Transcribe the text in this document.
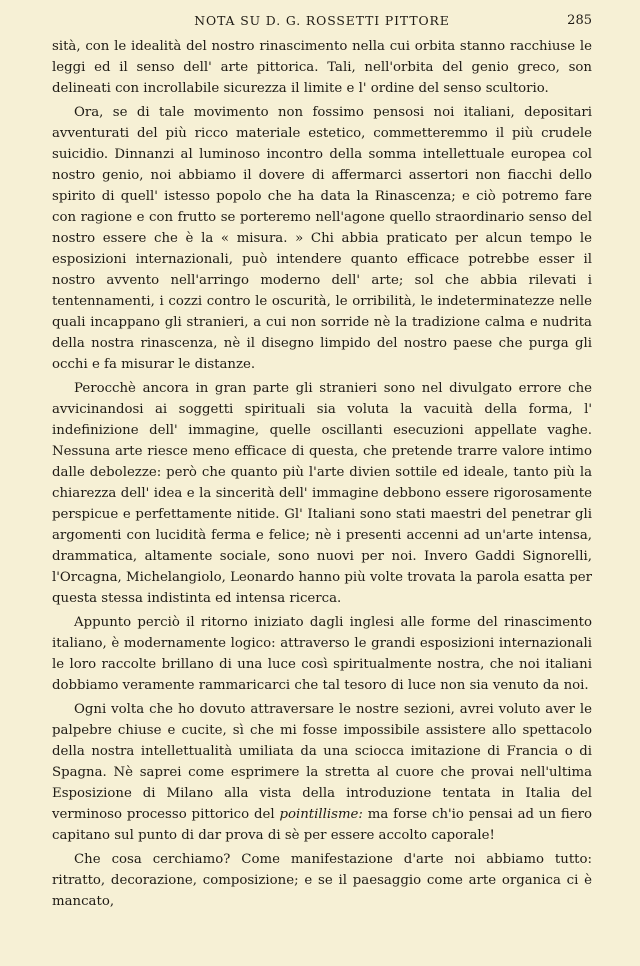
NOTA SU D. G. ROSSETTI PITTORE	285

sità, con le idealità del nostro rinascimento nella cui orbita stanno racchiuse le leggi ed il senso dell' arte pittorica. Tali, nell'orbita del genio greco, son delineati con incrollabile sicurezza il limite e l' ordine del senso scultorio.

Ora, se di tale movimento non fossimo pensosi noi italiani, depositari avventurati del più ricco materiale estetico, commetteremmo il più crudele suicidio. Dinnanzi al luminoso incontro della somma intellettuale europea col nostro genio, noi abbiamo il dovere di affermarci assertori non fiacchi dello spirito di quell' istesso popolo che ha data la Rinascenza; e ciò potremo fare con ragione e con frutto se porteremo nell'agone quello straordinario senso del nostro essere che è la « misura. » Chi abbia praticato per alcun tempo le esposizioni internazionali, può intendere quanto efficace potrebbe esser il nostro avvento nell'arringo moderno dell' arte; sol che abbia rilevati i tentennamenti, i cozzi contro le oscurità, le orribilità, le indeterminatezze nelle quali incappano gli stranieri, a cui non sorride nè la tradizione calma e nudrita della nostra rinascenza, nè il disegno limpido del nostro paese che purga gli occhi e fa misurar le distanze.

Perocchè ancora in gran parte gli stranieri sono nel divulgato errore che avvicinandosi ai soggetti spirituali sia voluta la vacuità della forma, l' indefinizione dell' immagine, quelle oscillanti esecuzioni appellate vaghe. Nessuna arte riesce meno efficace di questa, che pretende trarre valore intimo dalle debolezze: però che quanto più l'arte divien sottile ed ideale, tanto più la chiarezza dell' idea e la sincerità dell' immagine debbono essere rigorosamente perspicue e perfettamente nitide. Gl' Italiani sono stati maestri del penetrar gli argomenti con lucidità ferma e felice; nè i presenti accenni ad un'arte intensa, drammatica, altamente sociale, sono nuovi per noi. Invero Gaddi Signorelli, l'Orcagna, Michelangiolo, Leonardo hanno più volte trovata la parola esatta per questa stessa indistinta ed intensa ricerca.

Appunto perciò il ritorno iniziato dagli inglesi alle forme del rinascimento italiano, è modernamente logico: attraverso le grandi esposizioni internazionali le loro raccolte brillano di una luce così spiritualmente nostra, che noi italiani dobbiamo veramente rammaricarci che tal tesoro di luce non sia venuto da noi.

Ogni volta che ho dovuto attraversare le nostre sezioni, avrei voluto aver le palpebre chiuse e cucite, sì che mi fosse impossibile assistere allo spettacolo della nostra intellettualità umiliata da una sciocca imitazione di Francia o di Spagna. Nè saprei come esprimere la stretta al cuore che provai nell'ultima Esposizione di Milano alla vista della introduzione tentata in Italia del verminoso processo pittorico del pointillisme: ma forse ch'io pensai ad un fiero capitano sul punto di dar prova di sè per essere accolto caporale!

Che cosa cerchiamo? Come manifestazione d'arte noi abbiamo tutto: ritratto, decorazione, composizione; e se il paesaggio come arte organica ci è mancato,
